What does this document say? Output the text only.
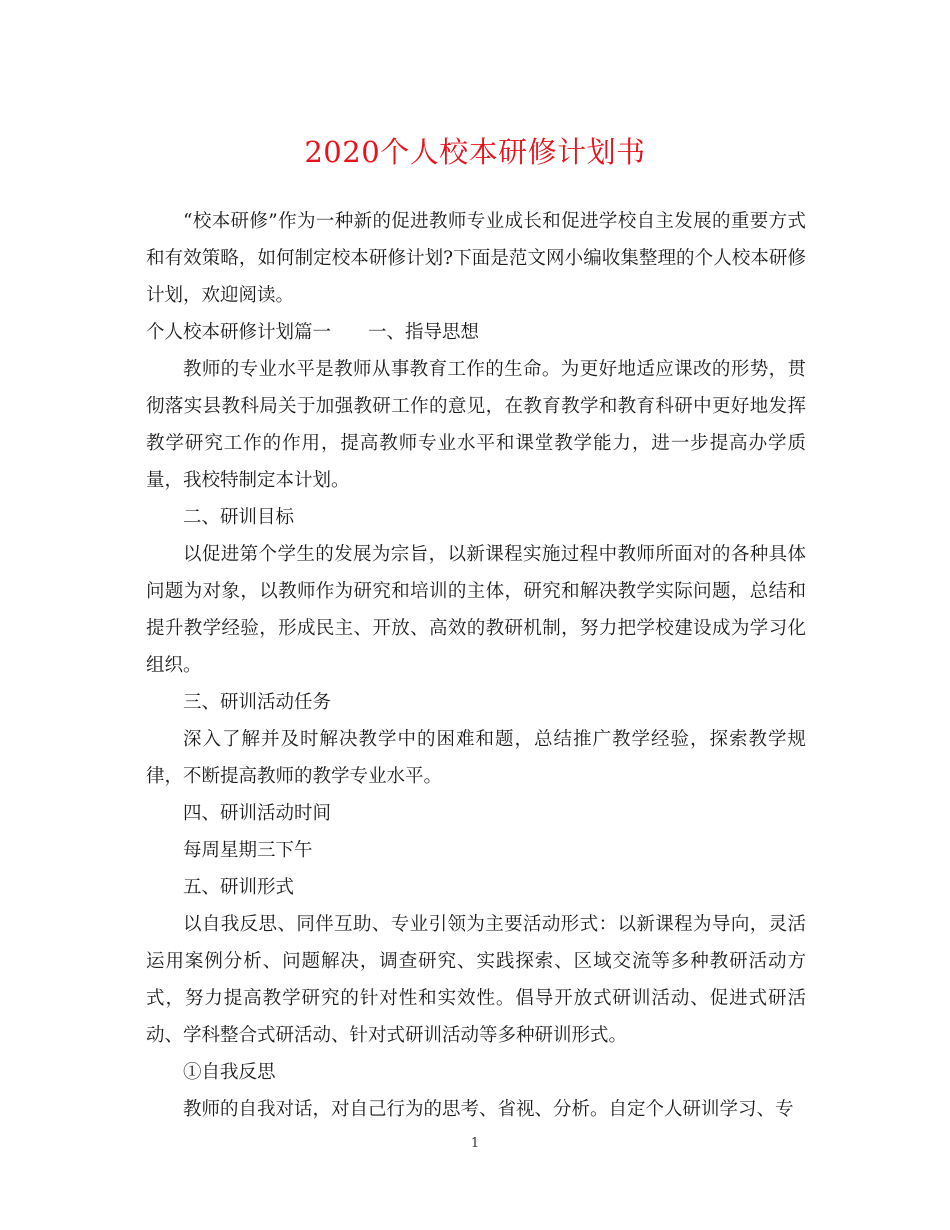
2020个人校本研修计划书

“校本研修”作为一种新的促进教师专业成长和促进学校自主发展的重要方式和有效策略，如何制定校本研修计划?下面是范文网小编收集整理的个人校本研修计划，欢迎阅读。

个人校本研修计划篇一　　一、指导思想

教师的专业水平是教师从事教育工作的生命。为更好地适应课改的形势，贯彻落实县教科局关于加强教研工作的意见，在教育教学和教育科研中更好地发挥教学研究工作的作用，提高教师专业水平和课堂教学能力，进一步提高办学质量，我校特制定本计划。

二、研训目标

以促进第个学生的发展为宗旨，以新课程实施过程中教师所面对的各种具体问题为对象，以教师作为研究和培训的主体，研究和解决教学实际问题，总结和提升教学经验，形成民主、开放、高效的教研机制，努力把学校建设成为学习化组织。

三、研训活动任务

深入了解并及时解决教学中的困难和题，总结推广教学经验，探索教学规律，不断提高教师的教学专业水平。

四、研训活动时间

每周星期三下午

五、研训形式

以自我反思、同伴互助、专业引领为主要活动形式：以新课程为导向，灵活运用案例分析、问题解决，调查研究、实践探索、区域交流等多种教研活动方式，努力提高教学研究的针对性和实效性。倡导开放式研训活动、促进式研活动、学科整合式研活动、针对式研训活动等多种研训形式。

①自我反思

教师的自我对话，对自己行为的思考、省视、分析。自定个人研训学习、专

1
